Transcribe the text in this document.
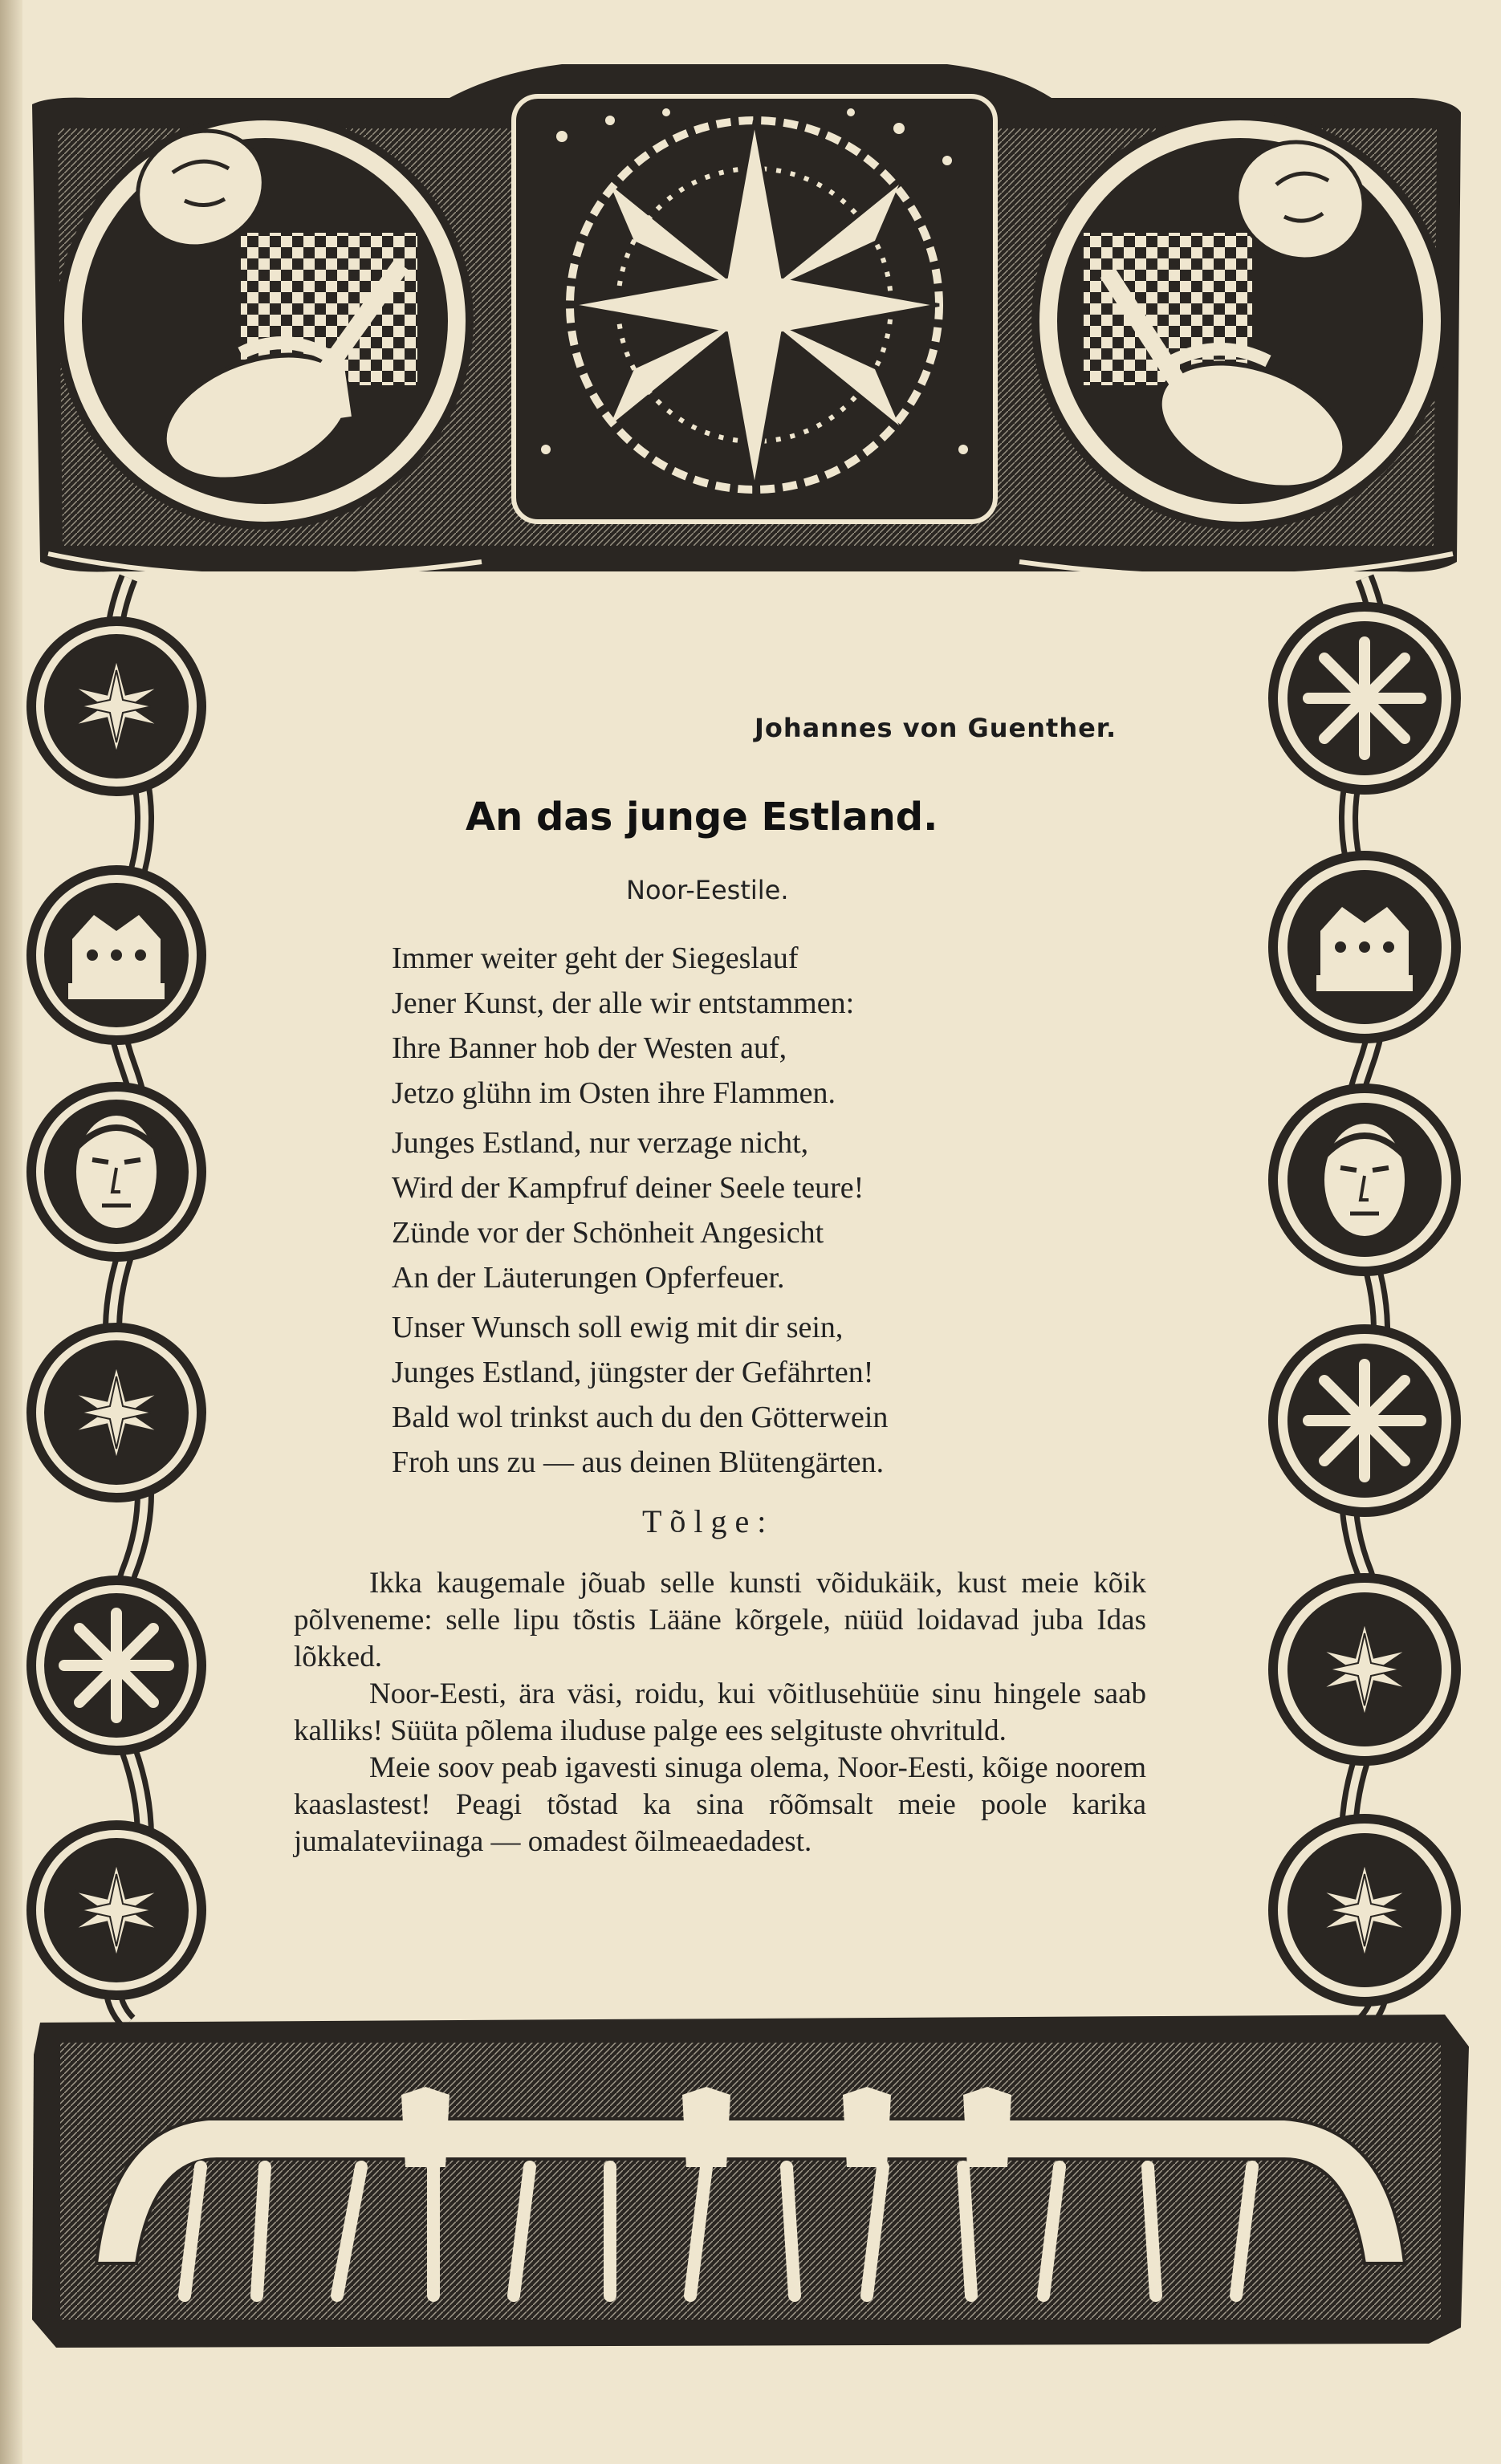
Johannes von Guenther.
An das junge Estland.
Noor-Eestile.
Immer weiter geht der Siegeslauf
Jener Kunst, der alle wir entstammen:
Ihre Banner hob der Westen auf,
Jetzo glühn im Osten ihre Flammen.
Junges Estland, nur verzage nicht,
Wird der Kampfruf deiner Seele teure!
Zünde vor der Schönheit Angesicht
An der Läuterungen Opferfeuer.
Unser Wunsch soll ewig mit dir sein,
Junges Estland, jüngster der Gefährten!
Bald wol trinkst auch du den Götterwein
Froh uns zu — aus deinen Blütengärten.
Tõlge:

Ikka kaugemale jõuab selle kunsti võidukäik, kust meie kõik põlveneme: selle lipu tõstis Lääne kõrgele, nüüd loidavad juba Idas lõkked.

Noor-Eesti, ära väsi, roidu, kui võitlusehüüe sinu hingele saab kalliks! Süüta põlema iluduse palge ees selgituste ohvrituld.

Meie soov peab igavesti sinuga olema, Noor-Eesti, kõige noorem kaaslastest! Peagi tõstad ka sina rõõmsalt meie poole karika jumalateviinaga — omadest õilmeaedadest.
